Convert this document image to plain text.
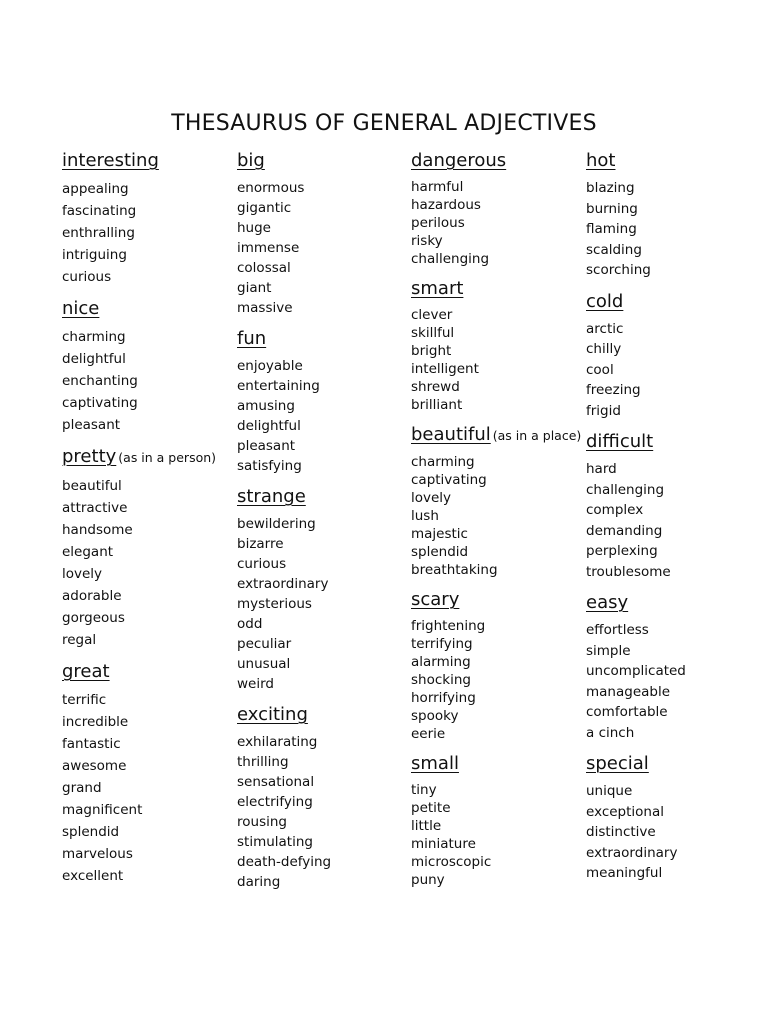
THESAURUS OF GENERAL ADJECTIVES
interesting
appealing
fascinating
enthralling
intriguing
curious
nice
charming
delightful
enchanting
captivating
pleasant
pretty (as in a person)
beautiful
attractive
handsome
elegant
lovely
adorable
gorgeous
regal
great
terrific
incredible
fantastic
awesome
grand
magnificent
splendid
marvelous
excellent
big
enormous
gigantic
huge
immense
colossal
giant
massive
fun
enjoyable
entertaining
amusing
delightful
pleasant
satisfying
strange
bewildering
bizarre
curious
extraordinary
mysterious
odd
peculiar
unusual
weird
exciting
exhilarating
thrilling
sensational
electrifying
rousing
stimulating
death-defying
daring
dangerous
harmful
hazardous
perilous
risky
challenging
smart
clever
skillful
bright
intelligent
shrewd
brilliant
beautiful (as in a place)
charming
captivating
lovely
lush
majestic
splendid
breathtaking
scary
frightening
terrifying
alarming
shocking
horrifying
spooky
eerie
small
tiny
petite
little
miniature
microscopic
puny
hot
blazing
burning
flaming
scalding
scorching
cold
arctic
chilly
cool
freezing
frigid
difficult
hard
challenging
complex
demanding
perplexing
troublesome
easy
effortless
simple
uncomplicated
manageable
comfortable
a cinch
special
unique
exceptional
distinctive
extraordinary
meaningful
